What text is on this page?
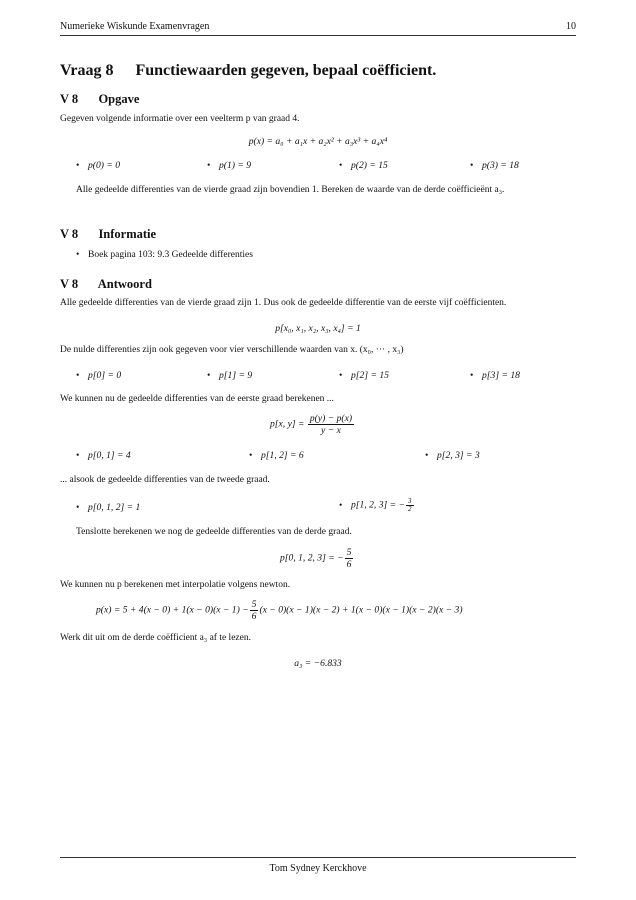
Numerieke Wiskunde Examenvragen	10
Vraag 8 Functiewaarden gegeven, bepaal coëfficient.
V 8 Opgave
Gegeven volgende informatie over een veelterm p van graad 4.
p(x) = a₀ + a₁x + a₂x² + a₃x³ + a₄x⁴
• p(0) = 0	• p(1) = 9	• p(2) = 15	• p(3) = 18
Alle gedeelde differenties van de vierde graad zijn bovendien 1. Bereken de waarde van de derde coëfficieënt a₃.
V 8 Informatie
• Boek pagina 103: 9.3 Gedeelde differenties
V 8 Antwoord
Alle gedeelde differenties van de vierde graad zijn 1. Dus ook de gedeelde differentie van de eerste vijf coëfficienten.
p[x₀, x₁, x₂, x₃, x₄] = 1
De nulde differenties zijn ook gegeven voor vier verschillende waarden van x. (x₀, ··· , x₃)
• p[0] = 0	• p[1] = 9	• p[2] = 15	• p[3] = 18
We kunnen nu de gedeelde differenties van de eerste graad berekenen ...
p[x, $y] = \frac{p(y) - p(x)}{y - x}$
• p[0, 1] = 4	• p[1, 2] = 6	• p[2, 3] = 3
... alsook de gedeelde differenties van de tweede graad.
• p[0, 1, 2] = 1	• p[1, 2, 3] = − $\frac{3}{2}$
Tenslotte berekenen we nog de gedeelde differenties van de derde graad.
p[0, 1, 2, 3] = − $\frac{5}{6}$
We kunnen nu p berekenen met interpolatie volgens newton.
$p(x) = 5 + 4(x - 0) + 1(x - 0)(x - 1) - \frac{5}{6} (x - 0)(x - 1)(x - 2) + 1(x - 0)(x - 1)(x - 2)(x - 3)$
Werk dit uit om de derde coëfficient a₃ af te lezen.
a₃ = −6.833
Tom Sydney Kerckhove
